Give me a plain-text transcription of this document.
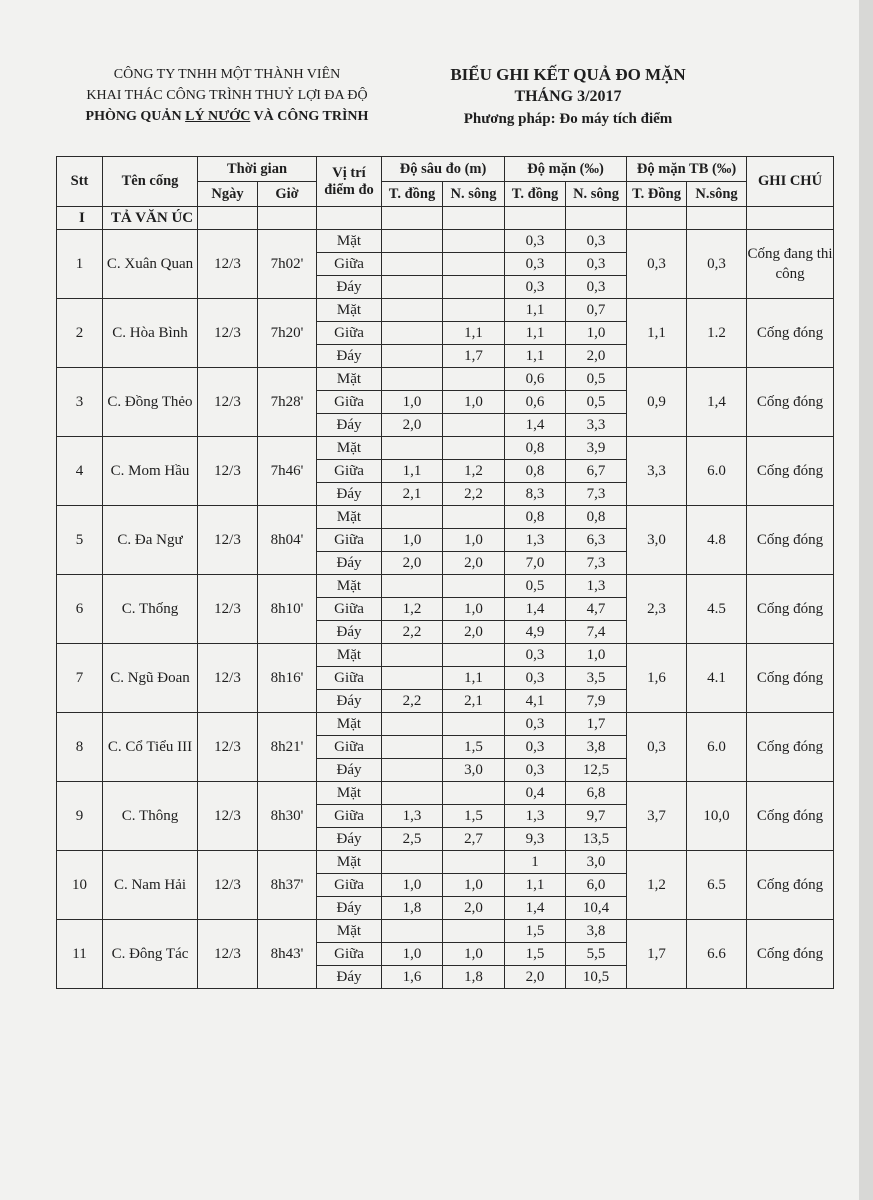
CÔNG TY TNHH MỘT THÀNH VIÊN
KHAI THÁC CÔNG TRÌNH THUỶ LỢI ĐA ĐỘ
PHÒNG QUẢN LÝ NƯỚC VÀ CÔNG TRÌNH
BIỂU GHI KẾT QUẢ ĐO MẶN
THÁNG 3/2017
Phương pháp: Đo máy tích điểm
Stt	Tên cống	Thời gian		Vị trí
điểm đo	Độ sâu đo (m)		Độ mặn (‰)		Độ mặn TB (‰)		GHI CHÚ
		Ngày	Giờ		T. đồng	N. sông	T. đồng	N. sông	T. Đồng	N.sông	
I	TẢ VĂN ÚC										
1	C. Xuân Quan	12/3	7h02'	Mặt			0,3	0,3	0,3	0,3	Cống đang thi công
				Giữa			0,3	0,3			
				Đáy			0,3	0,3			
2	C. Hòa Bình	12/3	7h20'	Mặt			1,1	0,7	1,1	1.2	Cống đóng
				Giữa		1,1	1,1	1,0			
				Đáy		1,7	1,1	2,0			
3	C. Đồng Thẻo	12/3	7h28'	Mặt			0,6	0,5	0,9	1,4	Cống đóng
				Giữa	1,0	1,0	0,6	0,5			
				Đáy	2,0		1,4	3,3			
4	C. Mom Hầu	12/3	7h46'	Mặt			0,8	3,9	3,3	6.0	Cống đóng
				Giữa	1,1	1,2	0,8	6,7			
				Đáy	2,1	2,2	8,3	7,3			
5	C. Đa Ngư	12/3	8h04'	Mặt			0,8	0,8	3,0	4.8	Cống đóng
				Giữa	1,0	1,0	1,3	6,3			
				Đáy	2,0	2,0	7,0	7,3			
6	C. Thống	12/3	8h10'	Mặt			0,5	1,3	2,3	4.5	Cống đóng
				Giữa	1,2	1,0	1,4	4,7			
				Đáy	2,2	2,0	4,9	7,4			
7	C. Ngũ Đoan	12/3	8h16'	Mặt			0,3	1,0	1,6	4.1	Cống đóng
				Giữa		1,1	0,3	3,5			
				Đáy	2,2	2,1	4,1	7,9			
8	C. Cổ Tiểu III	12/3	8h21'	Mặt			0,3	1,7	0,3	6.0	Cống đóng
				Giữa		1,5	0,3	3,8			
				Đáy		3,0	0,3	12,5			
9	C. Thông	12/3	8h30'	Mặt			0,4	6,8	3,7	10,0	Cống đóng
				Giữa	1,3	1,5	1,3	9,7			
				Đáy	2,5	2,7	9,3	13,5			
10	C. Nam Hải	12/3	8h37'	Mặt			1	3,0	1,2	6.5	Cống đóng
				Giữa	1,0	1,0	1,1	6,0			
				Đáy	1,8	2,0	1,4	10,4			
11	C. Đông Tác	12/3	8h43'	Mặt			1,5	3,8	1,7	6.6	Cống đóng
				Giữa	1,0	1,0	1,5	5,5			
				Đáy	1,6	1,8	2,0	10,5			
